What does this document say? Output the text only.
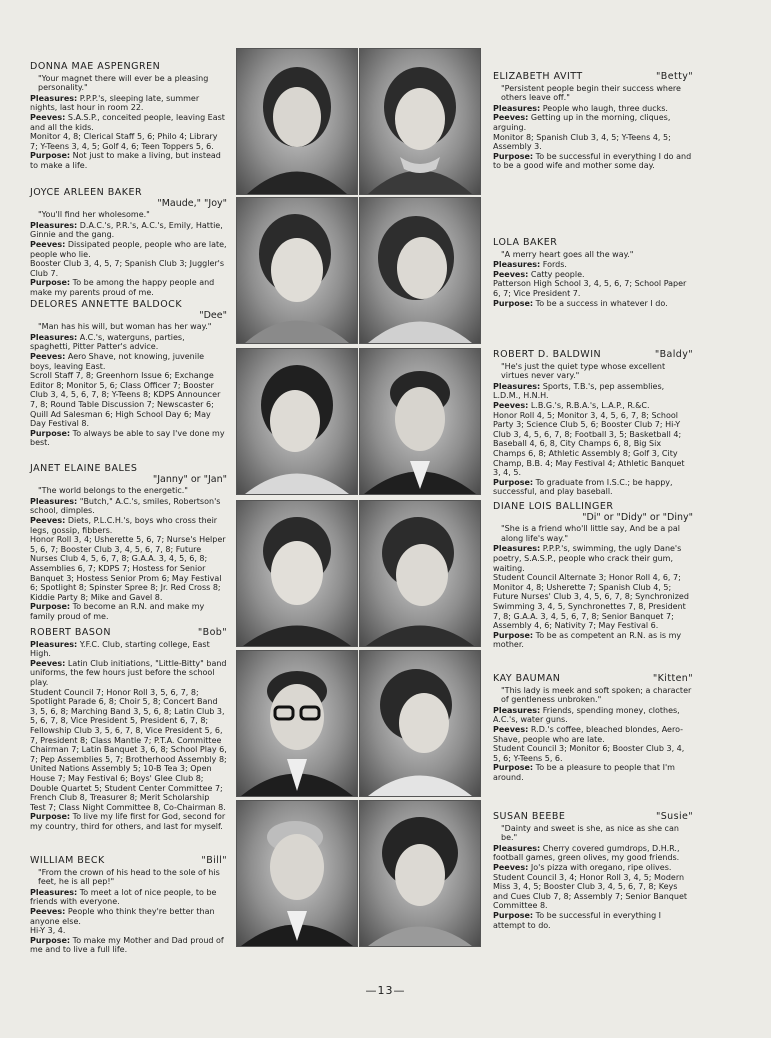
DONNA MAE ASPENGREN

"Your magnet there will ever be a pleasing personality."

Pleasures: P.P.P.'s, sleeping late, summer nights, last hour in room 22.

Peeves: S.A.S.P., conceited people, leaving East and all the kids.

Monitor 4, 8; Clerical Staff 5, 6; Philo 4; Library 7; Y-Teens 3, 4, 5; Golf 4, 6; Teen Toppers 5, 6.

Purpose: Not just to make a living, but instead to make a life.

JOYCE ARLEEN BAKER
"Maude," "Joy"

"You'll find her wholesome."

Pleasures: D.A.C.'s, P.R.'s, A.C.'s, Emily, Hattie, Ginnie and the gang.

Peeves: Dissipated people, people who are late, people who lie.

Booster Club 3, 4, 5, 7; Spanish Club 3; Juggler's Club 7.

Purpose: To be among the happy people and make my parents proud of me.

DELORES ANNETTE BALDOCK
"Dee"

"Man has his will, but woman has her way."

Pleasures: A.C.'s, waterguns, parties, spaghetti, Pitter Patter's advice.

Peeves: Aero Shave, not knowing, juvenile boys, leaving East.

Scroll Staff 7, 8; Greenhorn Issue 6; Exchange Editor 8; Monitor 5, 6; Class Officer 7; Booster Club 3, 4, 5, 6, 7, 8; Y-Teens 8; KDPS Announcer 7, 8; Round Table Discussion 7; Newscaster 6; Quill Ad Salesman 6; High School Day 6; May Day Festival 8.

Purpose: To always be able to say I've done my best.

JANET ELAINE BALES
"Janny" or "Jan"

"The world belongs to the energetic."

Pleasures: "Butch," A.C.'s, smiles, Robertson's school, dimples.

Peeves: Diets, P.L.C.H.'s, boys who cross their legs, gossip, fibbers.

Honor Roll 3, 4; Usherette 5, 6, 7; Nurse's Helper 5, 6, 7; Booster Club 3, 4, 5, 6, 7, 8; Future Nurses Club 4, 5, 6, 7, 8; G.A.A. 3, 4, 5, 6, 8; Assemblies 6, 7; KDPS 7; Hostess for Senior Banquet 3; Hostess Senior Prom 6; May Festival 6; Spotlight 8; Spinster Spree 8; Jr. Red Cross 8; Kiddie Party 8; Mike and Gavel 8.

Purpose: To become an R.N. and make my family proud of me.

ROBERT BASON	"Bob"

Pleasures: Y.F.C. Club, starting college, East High.

Peeves: Latin Club initiations, "Little-Bitty" band uniforms, the few hours just before the school play.

Student Council 7; Honor Roll 3, 5, 6, 7, 8; Spotlight Parade 6, 8; Choir 5, 8; Concert Band 3, 5, 6, 8; Marching Band 3, 5, 6, 8; Latin Club 3, 5, 6, 7, 8, Vice President 5, President 6, 7, 8; Fellowship Club 3, 5, 6, 7, 8, Vice President 5, 6, 7, President 8; Class Mantle 7; P.T.A. Committee Chairman 7; Latin Banquet 3, 6, 8; School Play 6, 7; Pep Assemblies 5, 7; Brotherhood Assembly 8; United Nations Assembly 5; 10-B Tea 3; Open House 7; May Festival 6; Boys' Glee Club 8; Double Quartet 5; Student Center Committee 7; French Club 8, Treasurer 8; Merit Scholarship Test 7; Class Night Committee 8, Co-Chairman 8.

Purpose: To live my life first for God, second for my country, third for others, and last for myself.

WILLIAM BECK	"Bill"

"From the crown of his head to the sole of his feet, he is all pep!"

Pleasures: To meet a lot of nice people, to be friends with everyone.

Peeves: People who think they're better than anyone else.

Hi-Y 3, 4.

Purpose: To make my Mother and Dad proud of me and to live a full life.

ELIZABETH AVITT	"Betty"

"Persistent people begin their success where others leave off."

Pleasures: People who laugh, three ducks.

Peeves: Getting up in the morning, cliques, arguing.

Monitor 8; Spanish Club 3, 4, 5; Y-Teens 4, 5; Assembly 3.

Purpose: To be successful in everything I do and to be a good wife and mother some day.

LOLA BAKER

"A merry heart goes all the way."

Pleasures: Fords.

Peeves: Catty people.

Patterson High School 3, 4, 5, 6, 7; School Paper 6, 7; Vice President 7.

Purpose: To be a success in whatever I do.

ROBERT D. BALDWIN	"Baldy"

"He's just the quiet type whose excellent virtues never vary."

Pleasures: Sports, T.B.'s, pep assemblies, L.D.M., H.N.H.

Peeves: L.B.G.'s, R.B.A.'s, L.A.P., R.&C.

Honor Roll 4, 5; Monitor 3, 4, 5, 6, 7, 8; School Party 3; Science Club 5, 6; Booster Club 7; Hi-Y Club 3, 4, 5, 6, 7, 8; Football 3, 5; Basketball 4; Baseball 4, 6, 8, City Champs 6, 8, Big Six Champs 6, 8; Athletic Assembly 8; Golf 3, City Champ, B.B. 4; May Festival 4; Athletic Banquet 3, 4, 5.

Purpose: To graduate from I.S.C.; be happy, successful, and play baseball.

DIANE LOIS BALLINGER
"Di" or "Didy" or "Diny"

"She is a friend who'll little say, And be a pal along life's way."

Pleasures: P.P.P.'s, swimming, the ugly Dane's poetry, S.A.S.P., people who crack their gum, waiting.

Student Council Alternate 3; Honor Roll 4, 6, 7; Monitor 4, 8; Usherette 7; Spanish Club 4, 5; Future Nurses' Club 3, 4, 5, 6, 7, 8; Synchronized Swimming 3, 4, 5, Synchronettes 7, 8, President 7, 8; G.A.A. 3, 4, 5, 6, 7, 8; Senior Banquet 7; Assembly 4, 6; Nativity 7; May Festival 6.

Purpose: To be as competent an R.N. as is my mother.

KAY BAUMAN	"Kitten"

"This lady is meek and soft spoken; a character of gentleness unbroken."

Pleasures: Friends, spending money, clothes, A.C.'s, water guns.

Peeves: R.D.'s coffee, bleached blondes, Aero-Shave, people who are late.

Student Council 3; Monitor 6; Booster Club 3, 4, 5, 6; Y-Teens 5, 6.

Purpose: To be a pleasure to people that I'm around.

SUSAN BEEBE	"Susie"

"Dainty and sweet is she, as nice as she can be."

Pleasures: Cherry covered gumdrops, D.H.R., football games, green olives, my good friends.

Peeves: Jo's pizza with oregano, ripe olives.

Student Council 3, 4; Honor Roll 3, 4, 5; Modern Miss 3, 4, 5; Booster Club 3, 4, 5, 6, 7, 8; Keys and Cues Club 7, 8; Assembly 7; Senior Banquet Committee 8.

Purpose: To be successful in everything I attempt to do.

—13—
